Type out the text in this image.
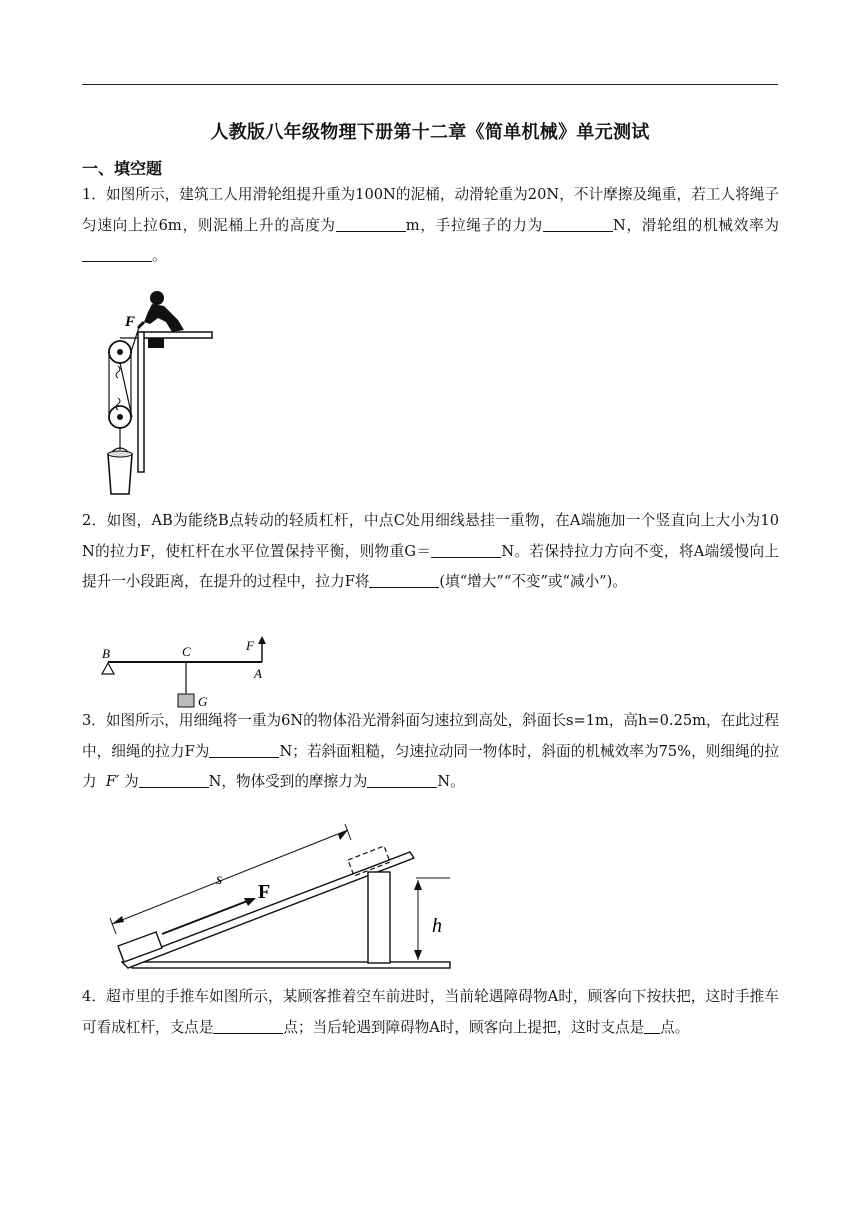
人教版八年级物理下册第十二章《简单机械》单元测试
一、填空题
1．如图所示，建筑工人用滑轮组提升重为100N的泥桶，动滑轮重为20N，不计摩擦及绳重，若工人将绳子匀速向上拉6m，则泥桶上升的高度为	m，手拉绳子的力为	N，滑轮组的机械效率为。
F
2．如图，AB为能绕B点转动的轻质杠杆，中点C处用细线悬挂一重物，在A端施加一个竖直向上大小为10 N的拉力F，使杠杆在水平位置保持平衡，则物重G＝	N。若保持拉力方向不变，将A端缓慢向上提升一小段距离，在提升的过程中，拉力F将	(填“增大”“不变”或“减小”)。
B	C	F
A
G
3．如图所示，用细绳将一重为6N的物体沿光滑斜面匀速拉到高处，斜面长s=1m，高h=0.25m，在此过程中，细绳的拉力F为	N；若斜面粗糙，匀速拉动同一物体时，斜面的机械效率为75%，则细绳的拉力 F′ 为	N，物体受到的摩擦力为	N。
s
F
h
4．超市里的手推车如图所示，某顾客推着空车前进时，当前轮遇障碍物A时，顾客向下按扶把，这时手推车可看成杠杆，支点是	点；当后轮遇到障碍物A时，顾客向上提把，这时支点是 点。
